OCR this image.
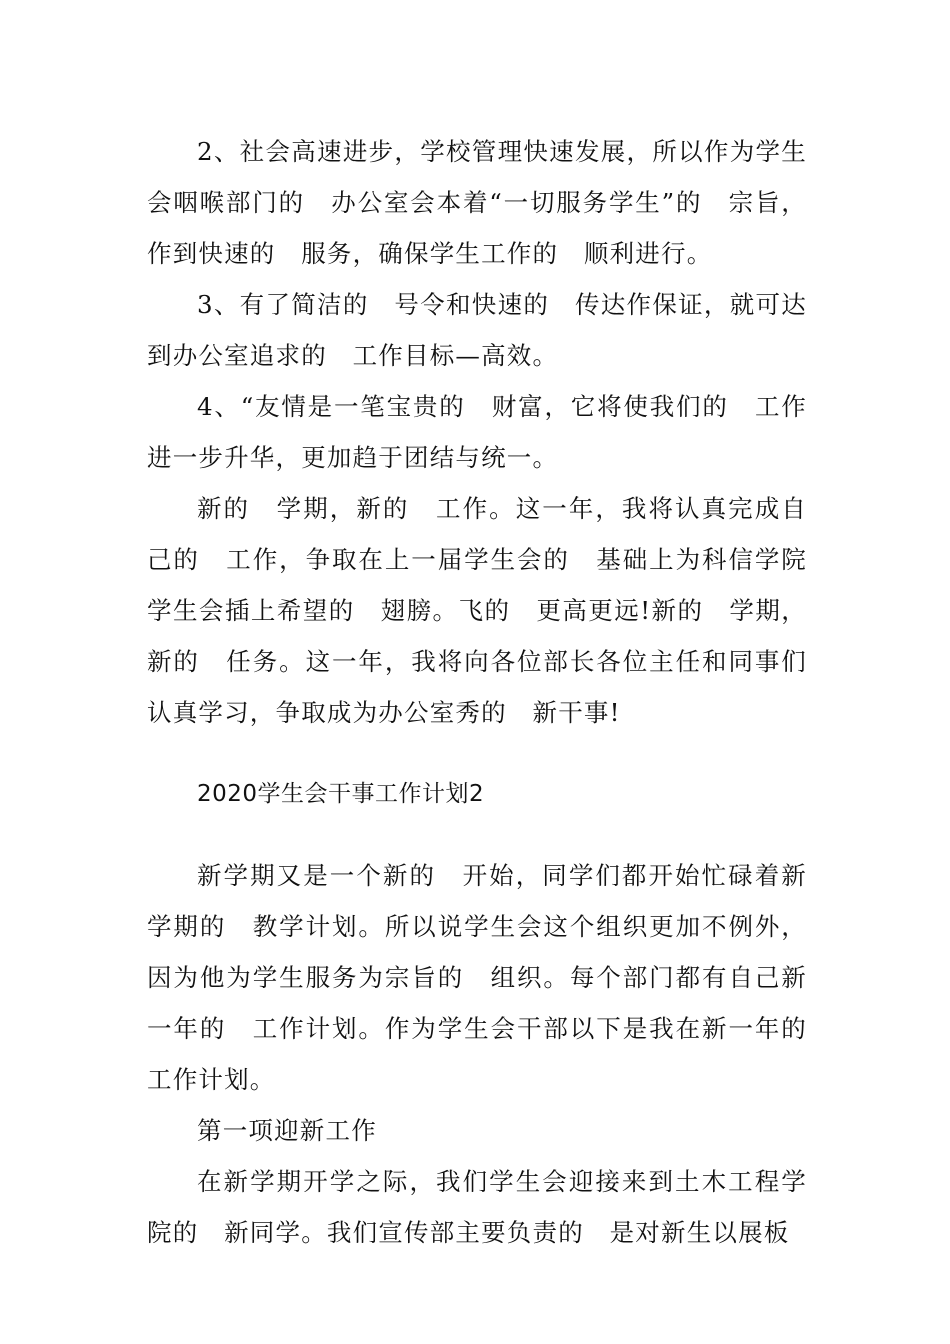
2、社会高速进步，学校管理快速发展，所以作为学生会咽喉部门的　办公室会本着“一切服务学生”的　宗旨，作到快速的　服务，确保学生工作的　顺利进行。

3、有了简洁的　号令和快速的　传达作保证，就可达到办公室追求的　工作目标—高效。

4、“友情是一笔宝贵的　财富，它将使我们的　工作进一步升华，更加趋于团结与统一。

新的　学期，新的　工作。这一年，我将认真完成自己的　工作，争取在上一届学生会的　基础上为科信学院学生会插上希望的　翅膀。飞的　更高更远!新的　学期，新的　任务。这一年，我将向各位部长各位主任和同事们认真学习，争取成为办公室秀的　新干事!

2020学生会干事工作计划2

新学期又是一个新的　开始，同学们都开始忙碌着新学期的　教学计划。所以说学生会这个组织更加不例外，因为他为学生服务为宗旨的　组织。每个部门都有自己新一年的　工作计划。作为学生会干部以下是我在新一年的工作计划。

第一项迎新工作

在新学期开学之际，我们学生会迎接来到土木工程学院的　新同学。我们宣传部主要负责的　是对新生以展板
